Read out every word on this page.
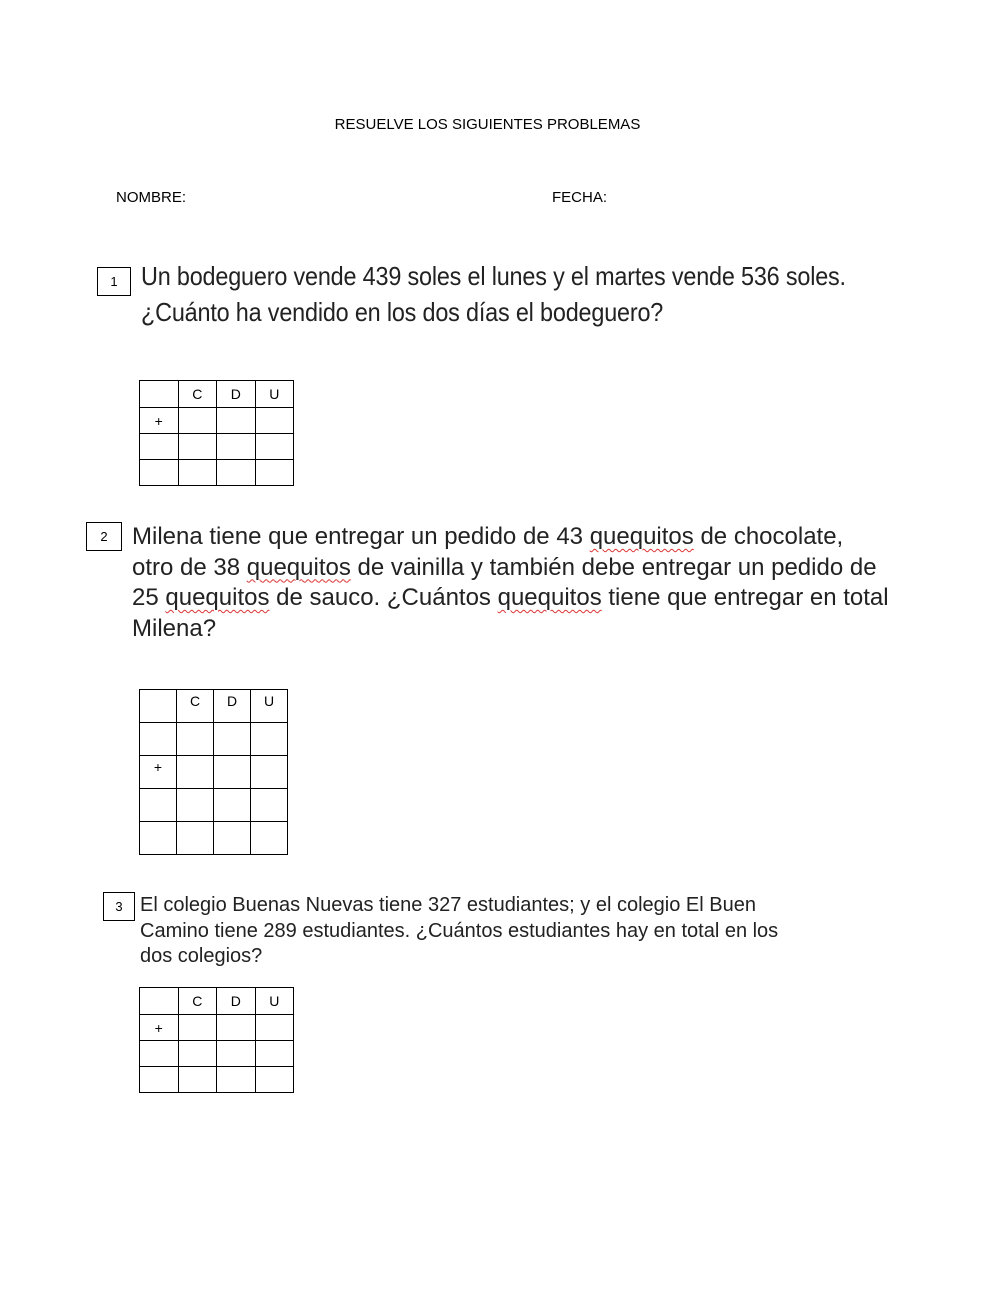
RESUELVE LOS SIGUIENTES PROBLEMAS
NOMBRE:	FECHA:
1 Un bodeguero vende 439 soles el lunes y el martes vende 536 soles.
¿Cuánto ha vendido en los dos días el bodeguero?
	C	D	U
+			

2	Milena tiene que entregar un pedido de 43 quequitos de chocolate,
otro de 38 quequitos de vainilla y también debe entregar un pedido de
25 quequitos de sauco. ¿Cuántos quequitos tiene que entregar en total
Milena?
	C	D	U

+			

3 El colegio Buenas Nuevas tiene 327 estudiantes; y el colegio El Buen
Camino tiene 289 estudiantes. ¿Cuántos estudiantes hay en total en los
dos colegios?
	C	D	U
+			
